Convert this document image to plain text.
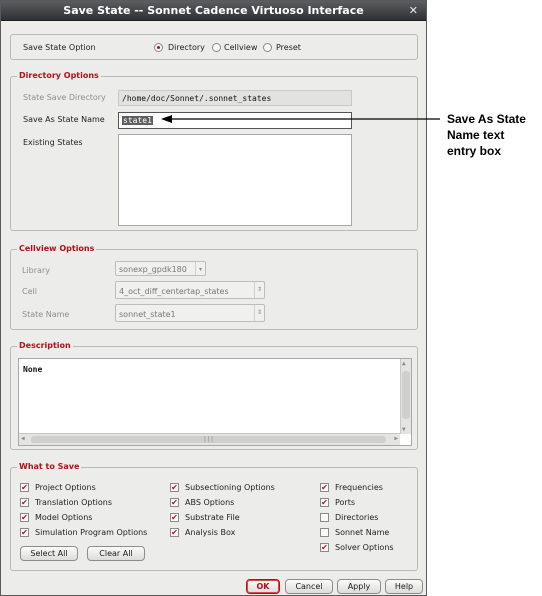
Save State -- Sonnet Cadence Virtuoso Interface	✕
Save State Option	Directory Cellview Preset
Directory Options
State Save Directory	/home/doc/Sonnet/.sonnet_states
Save As State Name	state1
Existing States
Cellview Options
Library	sonexp_gpdk180	▾
Cell	4_oct_diff_centertap_states	⇕
State Name	sonnet_state1	⇕
Description
None
▲
▼
◀	|||	▶
What to Save
✔ Project Options
✔ Translation Options
✔ Model Options
✔ Simulation Program Options
✔ Subsectioning Options
✔ ABS Options
✔ Substrate File
✔ Analysis Box
✔ Frequencies
✔ Ports
Directories
Sonnet Name
✔ Solver Options
Select All	Clear All
OK	Cancel	Apply	Help
Save As State
Name text
entry box
